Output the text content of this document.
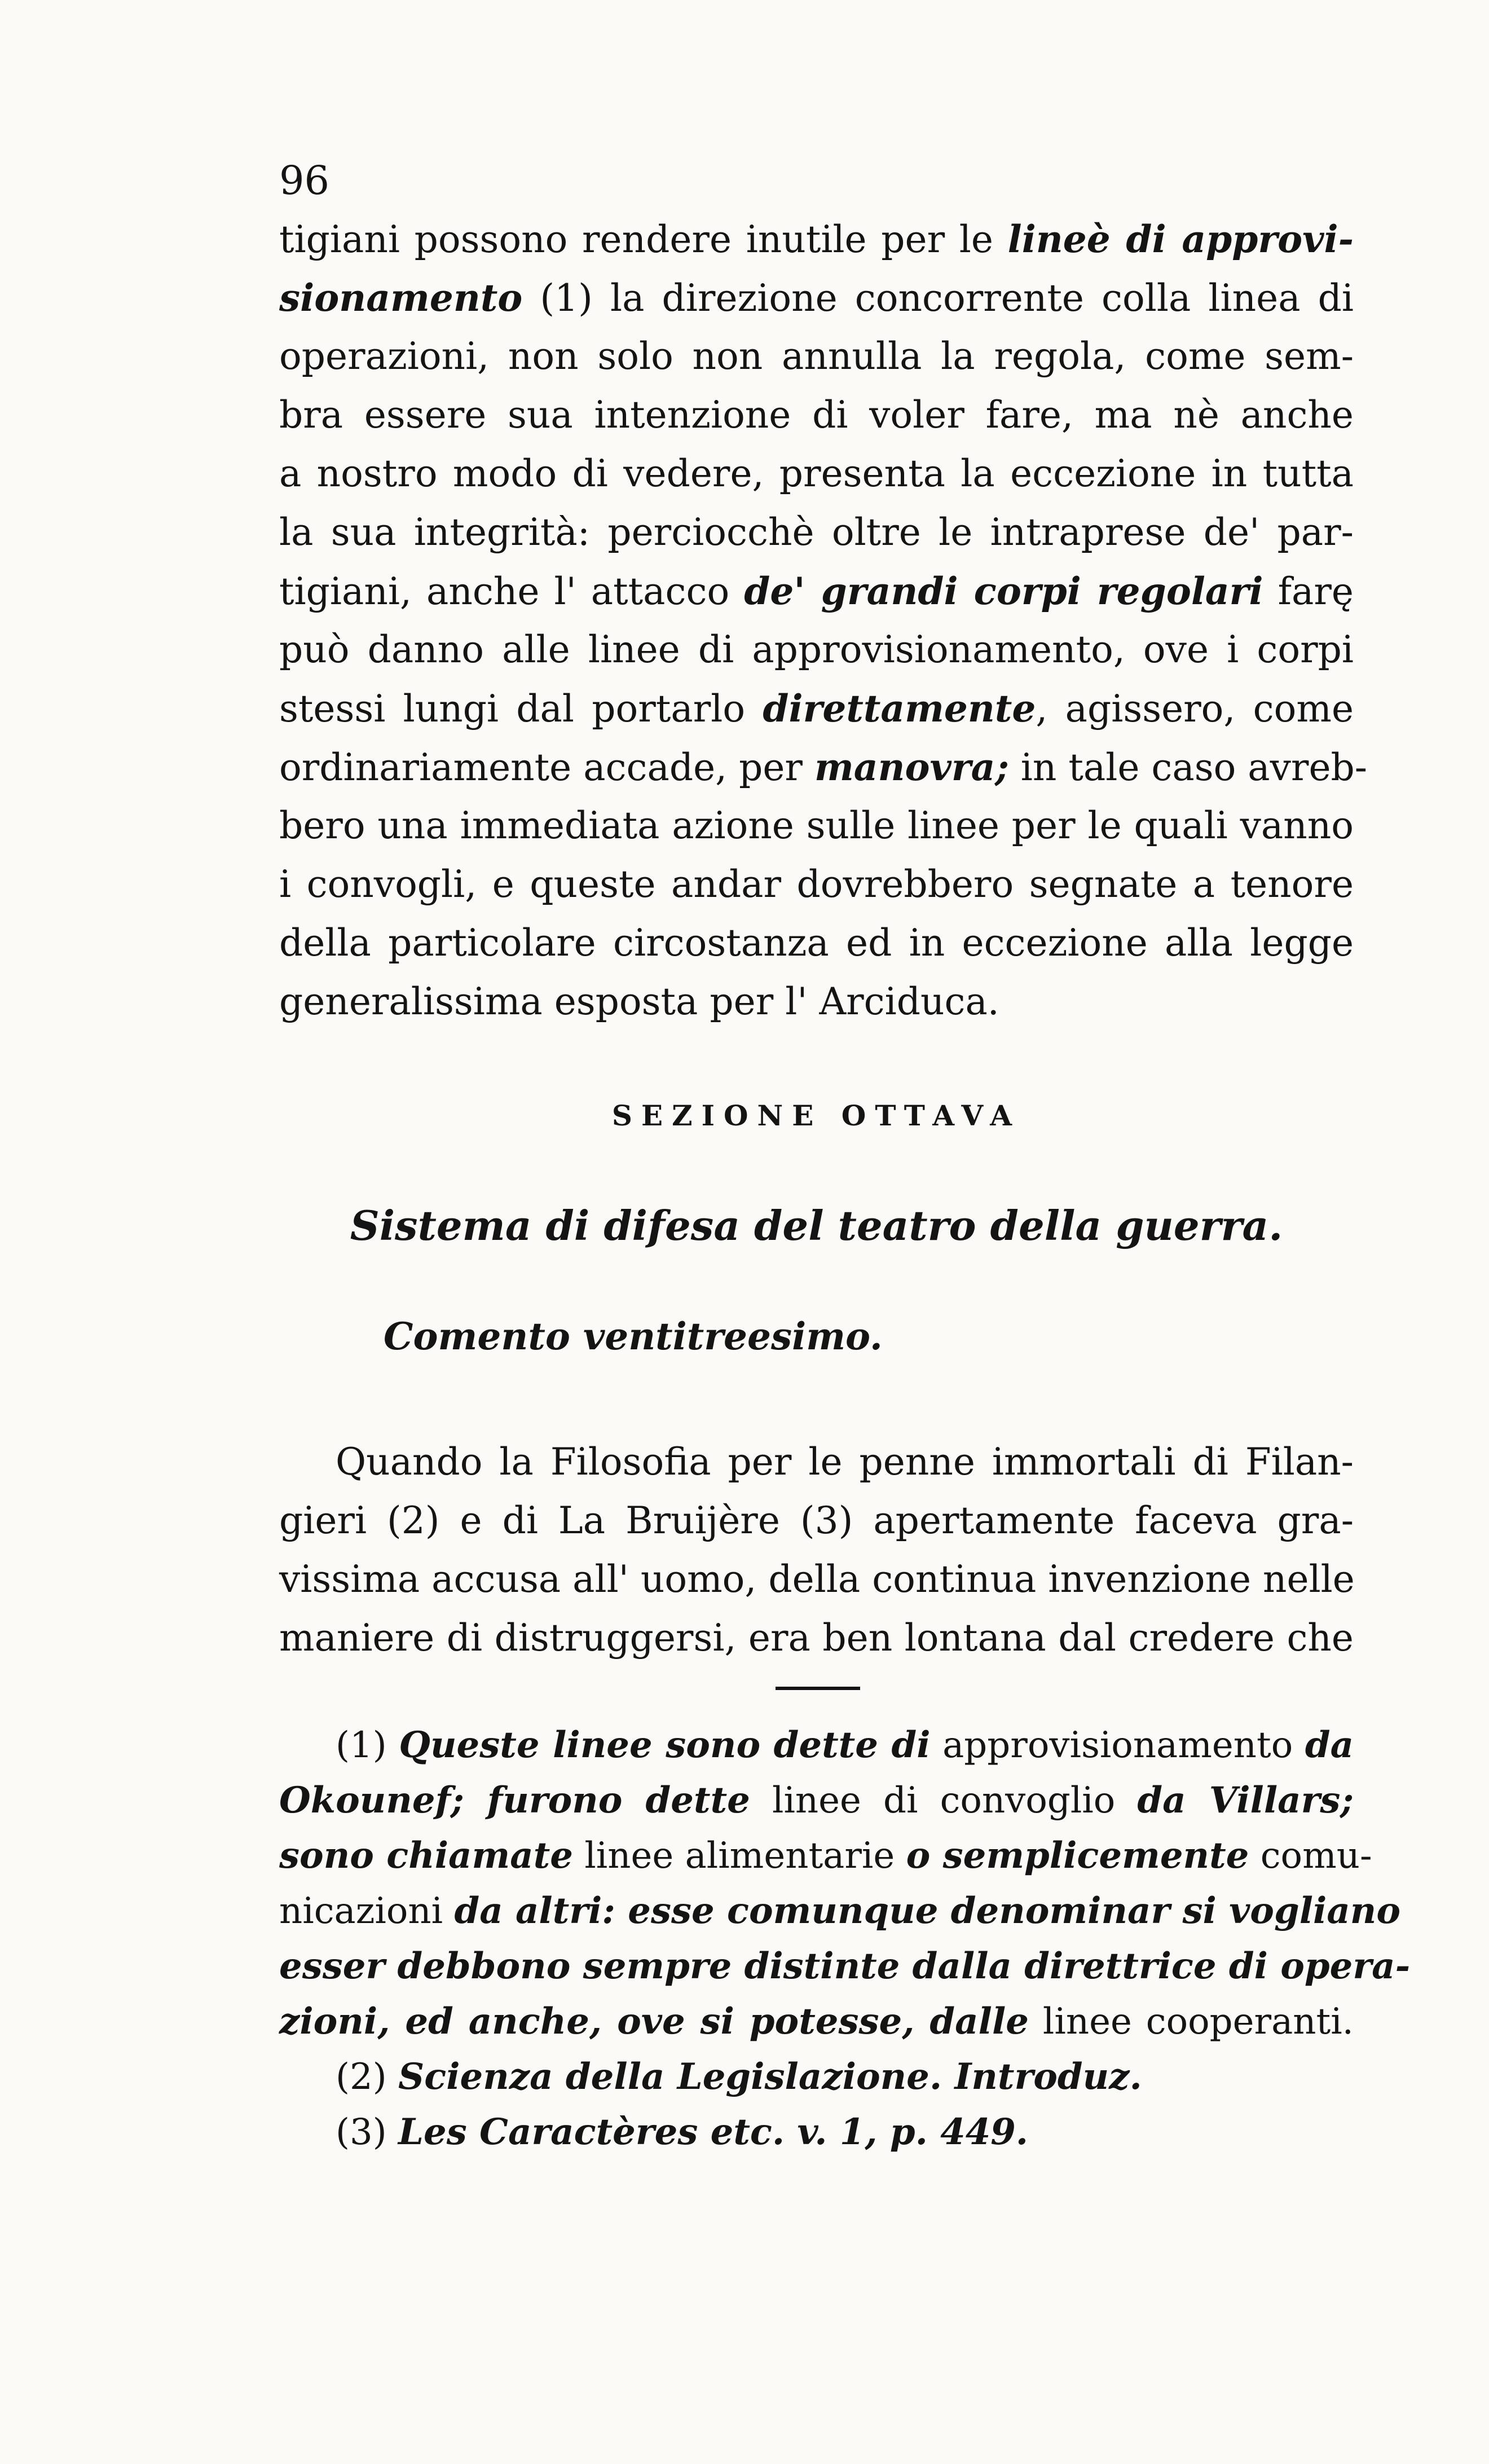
96
tigiani possono rendere inutile per le lineè di approvi-
sionamento (1) la direzione concorrente colla linea di
operazioni, non solo non annulla la regola, come sem-
bra essere sua intenzione di voler fare, ma nè anche
a nostro modo di vedere, presenta la eccezione in tutta
la sua integrità: perciocchè oltre le intraprese de' par-
tigiani, anche l' attacco de' grandi corpi regolari farę
può danno alle linee di approvisionamento, ove i corpi
stessi lungi dal portarlo direttamente, agissero, come
ordinariamente accade, per manovra; in tale caso avreb-
bero una immediata azione sulle linee per le quali vanno
i convogli, e queste andar dovrebbero segnate a tenore
della particolare circostanza ed in eccezione alla legge
generalissima esposta per l' Arciduca.
SEZIONE OTTAVA
Sistema di difesa del teatro della guerra.
Comento ventitreesimo.
Quando la Filosofia per le penne immortali di Filan-
gieri (2) e di La Bruijère (3) apertamente faceva gra-
vissima accusa all' uomo, della continua invenzione nelle
maniere di distruggersi, era ben lontana dal credere che
(1) Queste linee sono dette di approvisionamento da
Okounef; furono dette linee di convoglio da Villars;
sono chiamate linee alimentarie o semplicemente comu-
nicazioni da altri: esse comunque denominar si vogliano
esser debbono sempre distinte dalla direttrice di opera-
zioni, ed anche, ove si potesse, dalle linee cooperanti.
(2) Scienza della Legislazione. Introduz.
(3) Les Caractères etc. v. 1, p. 449.
